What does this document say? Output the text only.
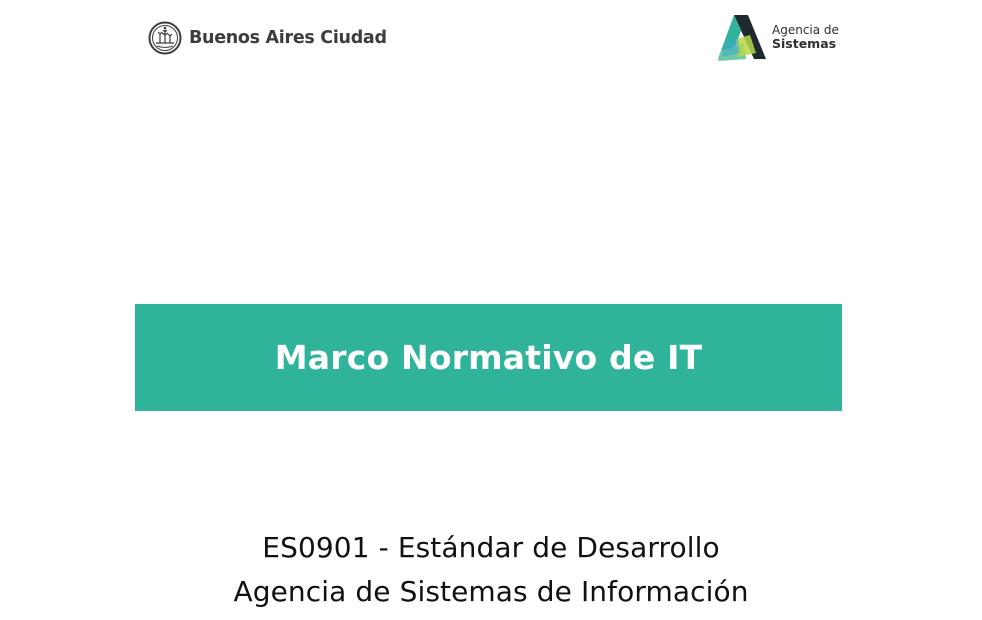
Buenos Aires Ciudad	Agencia de
Sistemas
Marco Normativo de IT
ES0901 - Estándar de Desarrollo
Agencia de Sistemas de Información
